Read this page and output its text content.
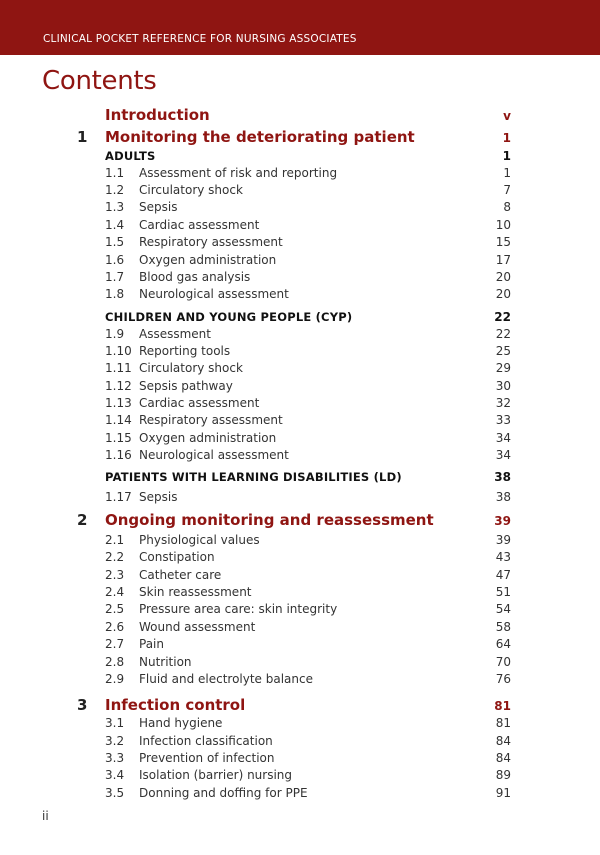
CLINICAL POCKET REFERENCE FOR NURSING ASSOCIATES
Contents
Introduction	v
1 Monitoring the deteriorating patient	1
ADULTS	1
1.1 Assessment of risk and reporting	1
1.2 Circulatory shock	7
1.3 Sepsis	8
1.4 Cardiac assessment	10
1.5 Respiratory assessment	15
1.6 Oxygen administration	17
1.7 Blood gas analysis	20
1.8 Neurological assessment	20
CHILDREN AND YOUNG PEOPLE (CYP)	22
1.9 Assessment	22
1.10 Reporting tools	25
1.11 Circulatory shock	29
1.12 Sepsis pathway	30
1.13 Cardiac assessment	32
1.14 Respiratory assessment	33
1.15 Oxygen administration	34
1.16 Neurological assessment	34
PATIENTS WITH LEARNING DISABILITIES (LD)	38
1.17 Sepsis	38
2 Ongoing monitoring and reassessment	39
2.1 Physiological values	39
2.2 Constipation	43
2.3 Catheter care	47
2.4 Skin reassessment	51
2.5 Pressure area care: skin integrity	54
2.6 Wound assessment	58
2.7 Pain	64
2.8 Nutrition	70
2.9 Fluid and electrolyte balance	76
3 Infection control	81
3.1 Hand hygiene	81
3.2 Infection classification	84
3.3 Prevention of infection	84
3.4 Isolation (barrier) nursing	89
3.5 Donning and doffing for PPE	91
ii
